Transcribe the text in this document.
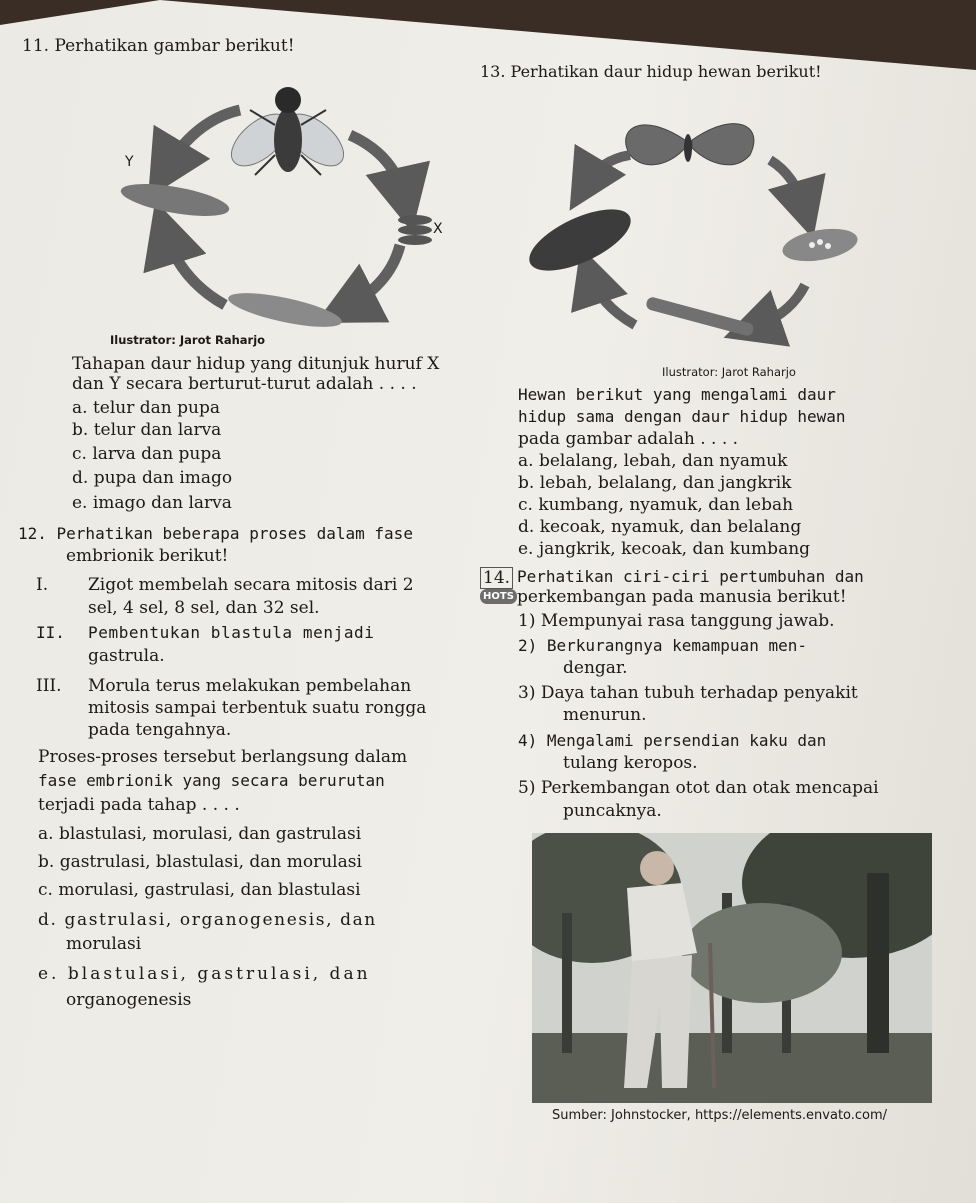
11. Perhatikan gambar berikut!
Y
X
Ilustrator: Jarot Raharjo
Tahapan daur hidup yang ditunjuk huruf X
dan Y secara berturut-turut adalah . . . .
a. telur dan pupa
b. telur dan larva
c. larva dan pupa
d. pupa dan imago
e. imago dan larva
12. Perhatikan beberapa proses dalam fase
embrionik berikut!
I. Zigot membelah secara mitosis dari 2
sel, 4 sel, 8 sel, dan 32 sel.
II. Pembentukan blastula menjadi
gastrula.
III. Morula terus melakukan pembelahan
mitosis sampai terbentuk suatu rongga
pada tengahnya.
Proses-proses tersebut berlangsung dalam
fase embrionik yang secara berurutan
terjadi pada tahap . . . .
a. blastulasi, morulasi, dan gastrulasi
b. gastrulasi, blastulasi, dan morulasi
c. morulasi, gastrulasi, dan blastulasi
d. gastrulasi, organogenesis, dan
morulasi
e. blastulasi, gastrulasi, dan
organogenesis
13. Perhatikan daur hidup hewan berikut!
Ilustrator: Jarot Raharjo
Hewan berikut yang mengalami daur
hidup sama dengan daur hidup hewan
pada gambar adalah . . . .
a. belalang, lebah, dan nyamuk
b. lebah, belalang, dan jangkrik
c. kumbang, nyamuk, dan lebah
d. kecoak, nyamuk, dan belalang
e. jangkrik, kecoak, dan kumbang
14. Perhatikan ciri-ciri pertumbuhan dan
HOTS perkembangan pada manusia berikut!
1) Mempunyai rasa tanggung jawab.
2) Berkurangnya kemampuan men-
dengar.
3) Daya tahan tubuh terhadap penyakit
menurun.
4) Mengalami persendian kaku dan
tulang keropos.
5) Perkembangan otot dan otak mencapai
puncaknya.
Sumber: Johnstocker, https://elements.envato.com/
